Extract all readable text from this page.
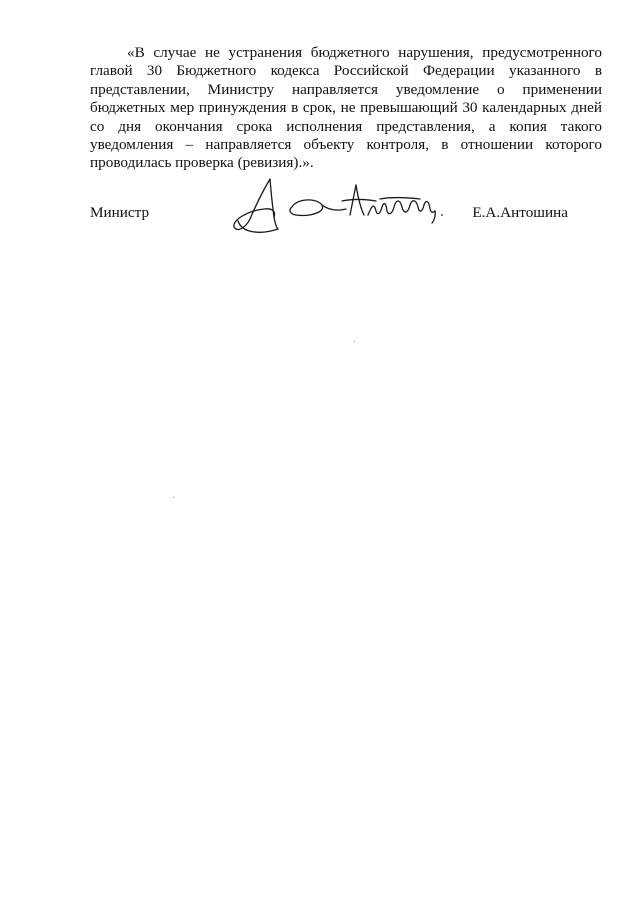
«В случае не устранения бюджетного нарушения, предусмотренного главой 30 Бюджетного кодекса Российской Федерации указанного в представлении, Министру направляется уведомление о применении бюджетных мер принуждения в срок, не превышающий 30 календарных дней со дня окончания срока исполнения представления, а копия такого уведомления – направляется объекту контроля, в отношении которого проводилась проверка (ревизия).».

Министр	Е.А.Антошина
